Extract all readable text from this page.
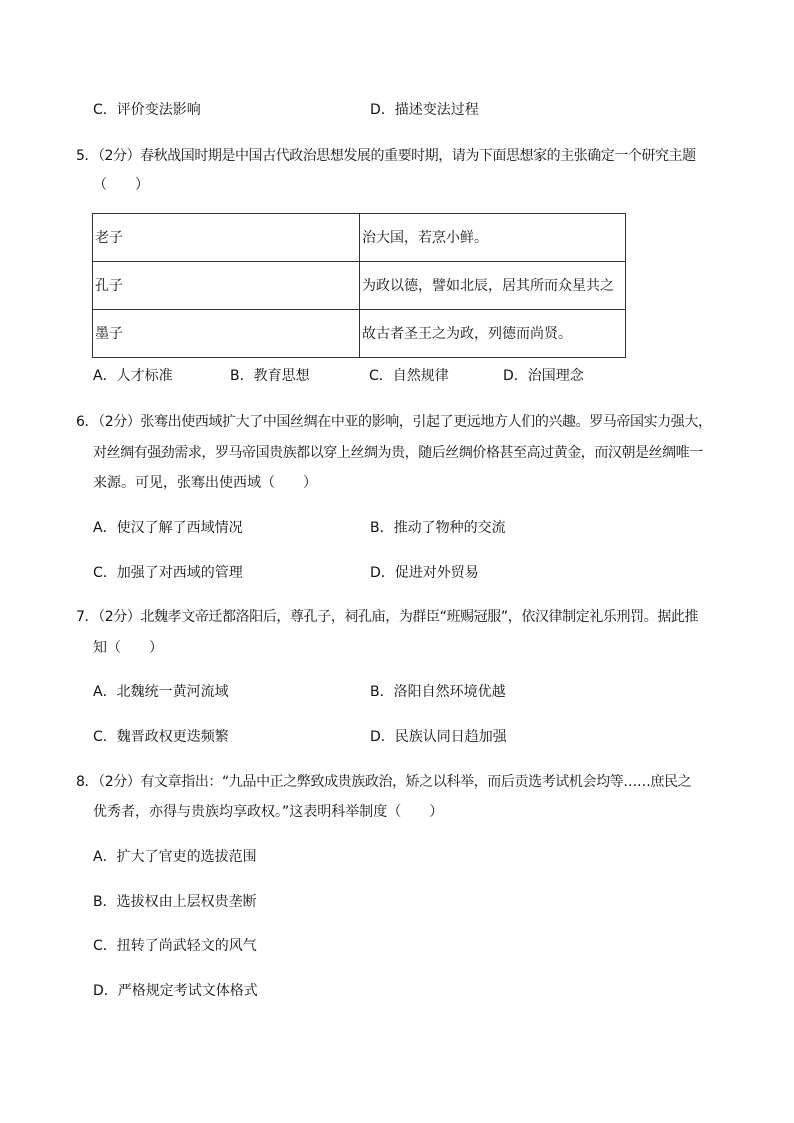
C．评价变法影响	D．描述变法过程
5．（2分）春秋战国时期是中国古代政治思想发展的重要时期，请为下面思想家的主张确定一个研究主题
（　　）
老子	治大国，若烹小鲜。
孔子	为政以德，譬如北辰，居其所而众星共之
墨子	故古者圣王之为政，列德而尚贤。
A．人才标准	B．教育思想	C．自然规律	D．治国理念
6．（2分）张骞出使西域扩大了中国丝绸在中亚的影响，引起了更远地方人们的兴趣。罗马帝国实力强大，
对丝绸有强劲需求，罗马帝国贵族都以穿上丝绸为贵，随后丝绸价格甚至高过黄金，而汉朝是丝绸唯一
来源。可见，张骞出使西域（　　）
A．使汉了解了西域情况	B．推动了物种的交流
C．加强了对西域的管理	D．促进对外贸易
7．（2分）北魏孝文帝迁都洛阳后，尊孔子，祠孔庙，为群臣“班赐冠服”，依汉律制定礼乐刑罚。据此推
知（　　）
A．北魏统一黄河流域	B．洛阳自然环境优越
C．魏晋政权更迭频繁	D．民族认同日趋加强
8．（2分）有文章指出：“九品中正之弊致成贵族政治，矫之以科举，而后贡选考试机会均等……庶民之
优秀者，亦得与贵族均享政权。”这表明科举制度（　　）
A．扩大了官吏的选拔范围
B．选拔权由上层权贵垄断
C．扭转了尚武轻文的风气
D．严格规定考试文体格式
